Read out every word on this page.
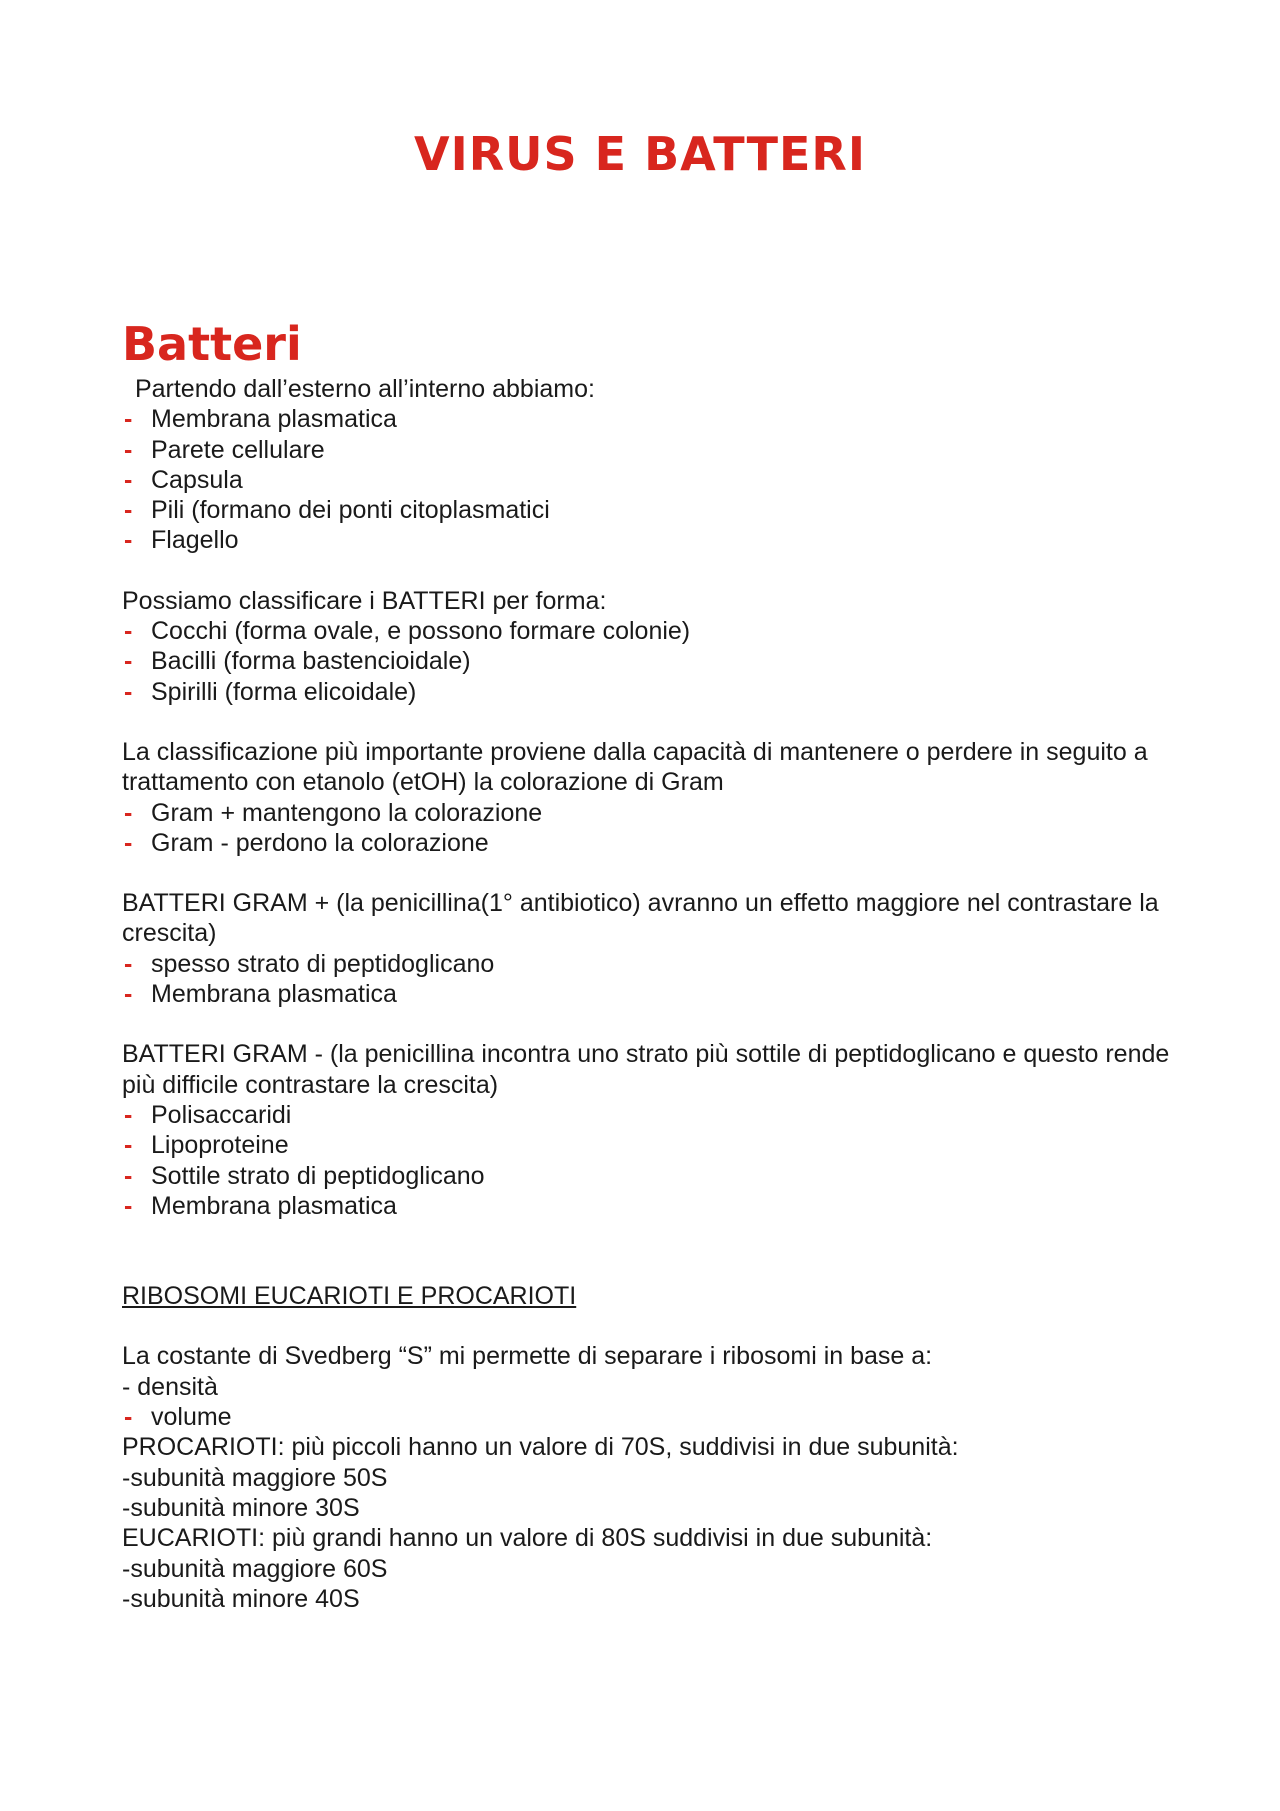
VIRUS E BATTERI
Batteri

Partendo dall’esterno all’interno abbiamo:

- Membrana plasmatica
- Parete cellulare
- Capsula
- Pili (formano dei ponti citoplasmatici
- Flagello

Possiamo classificare i BATTERI per forma:

- Cocchi (forma ovale, e possono formare colonie)
- Bacilli (forma bastencioidale)
- Spirilli (forma elicoidale)

La classificazione più importante proviene dalla capacità di mantenere o perdere in seguito a trattamento con etanolo (etOH) la colorazione di Gram

- Gram + mantengono la colorazione
- Gram - perdono la colorazione

BATTERI GRAM + (la penicillina(1° antibiotico) avranno un effetto maggiore nel contrastare la crescita)

- spesso strato di peptidoglicano
- Membrana plasmatica

BATTERI GRAM - (la penicillina incontra uno strato più sottile di peptidoglicano e questo rende più difficile contrastare la crescita)

- Polisaccaridi
- Lipoproteine
- Sottile strato di peptidoglicano
- Membrana plasmatica

RIBOSOMI EUCARIOTI E PROCARIOTI

La costante di Svedberg “S” mi permette di separare i ribosomi in base a:

- densità

- volume

PROCARIOTI: più piccoli hanno un valore di 70S, suddivisi in due subunità:

-subunità maggiore 50S

-subunità minore 30S

EUCARIOTI: più grandi hanno un valore di 80S suddivisi in due subunità:

-subunità maggiore 60S

-subunità minore 40S
